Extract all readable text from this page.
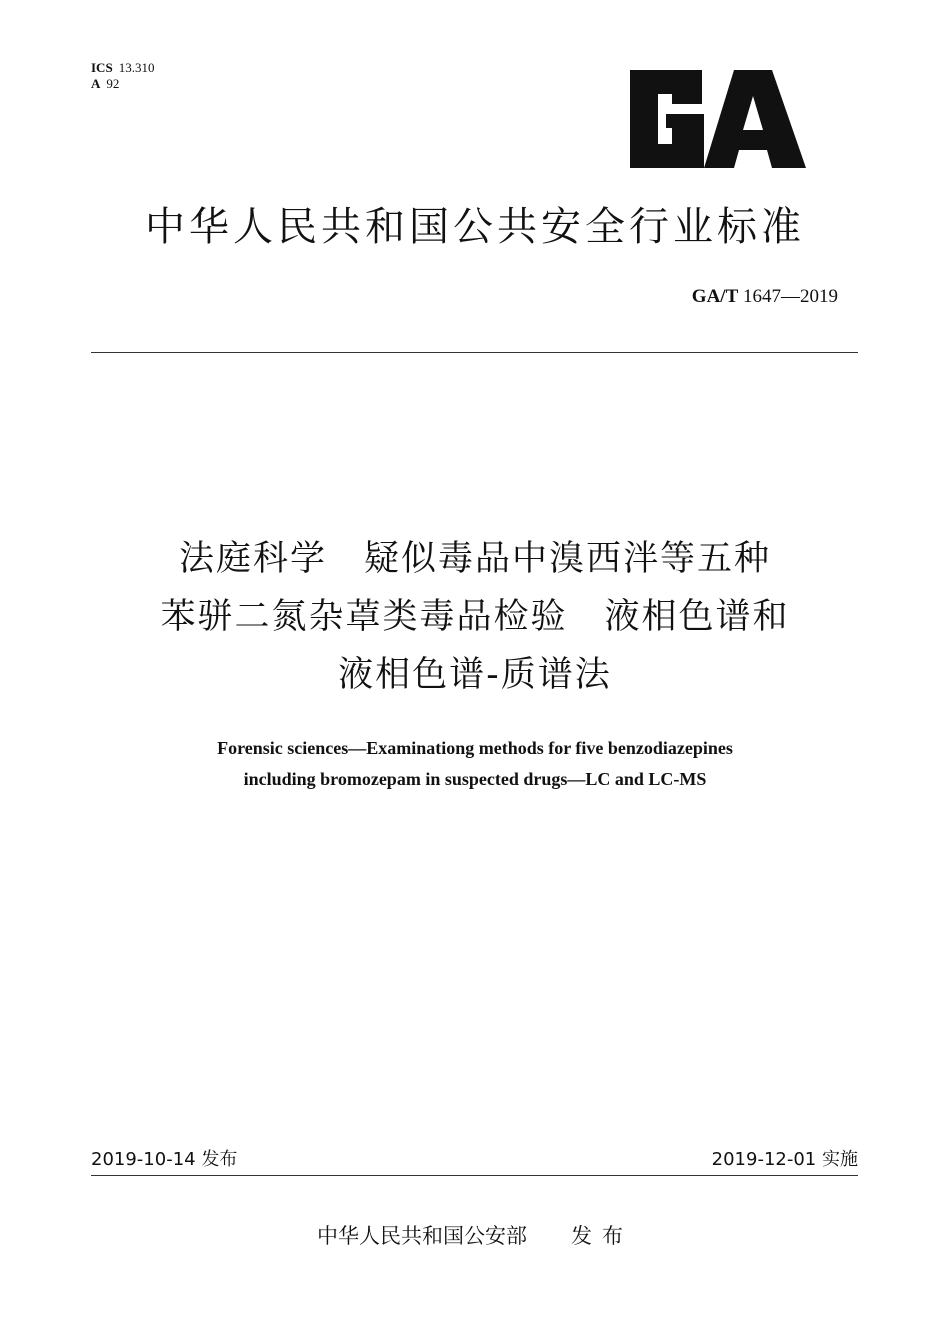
ICS 13.310
A 92
中华人民共和国公共安全行业标准
GA/T 1647—2019
法庭科学　疑似毒品中溴西泮等五种
苯骈二氮杂䓬类毒品检验　液相色谱和
液相色谱-质谱法
Forensic sciences—Examinationg methods for five benzodiazepines
including bromozepam in suspected drugs—LC and LC-MS
2019-10-14 发布	2019-12-01 实施
中华人民共和国公安部 发布
